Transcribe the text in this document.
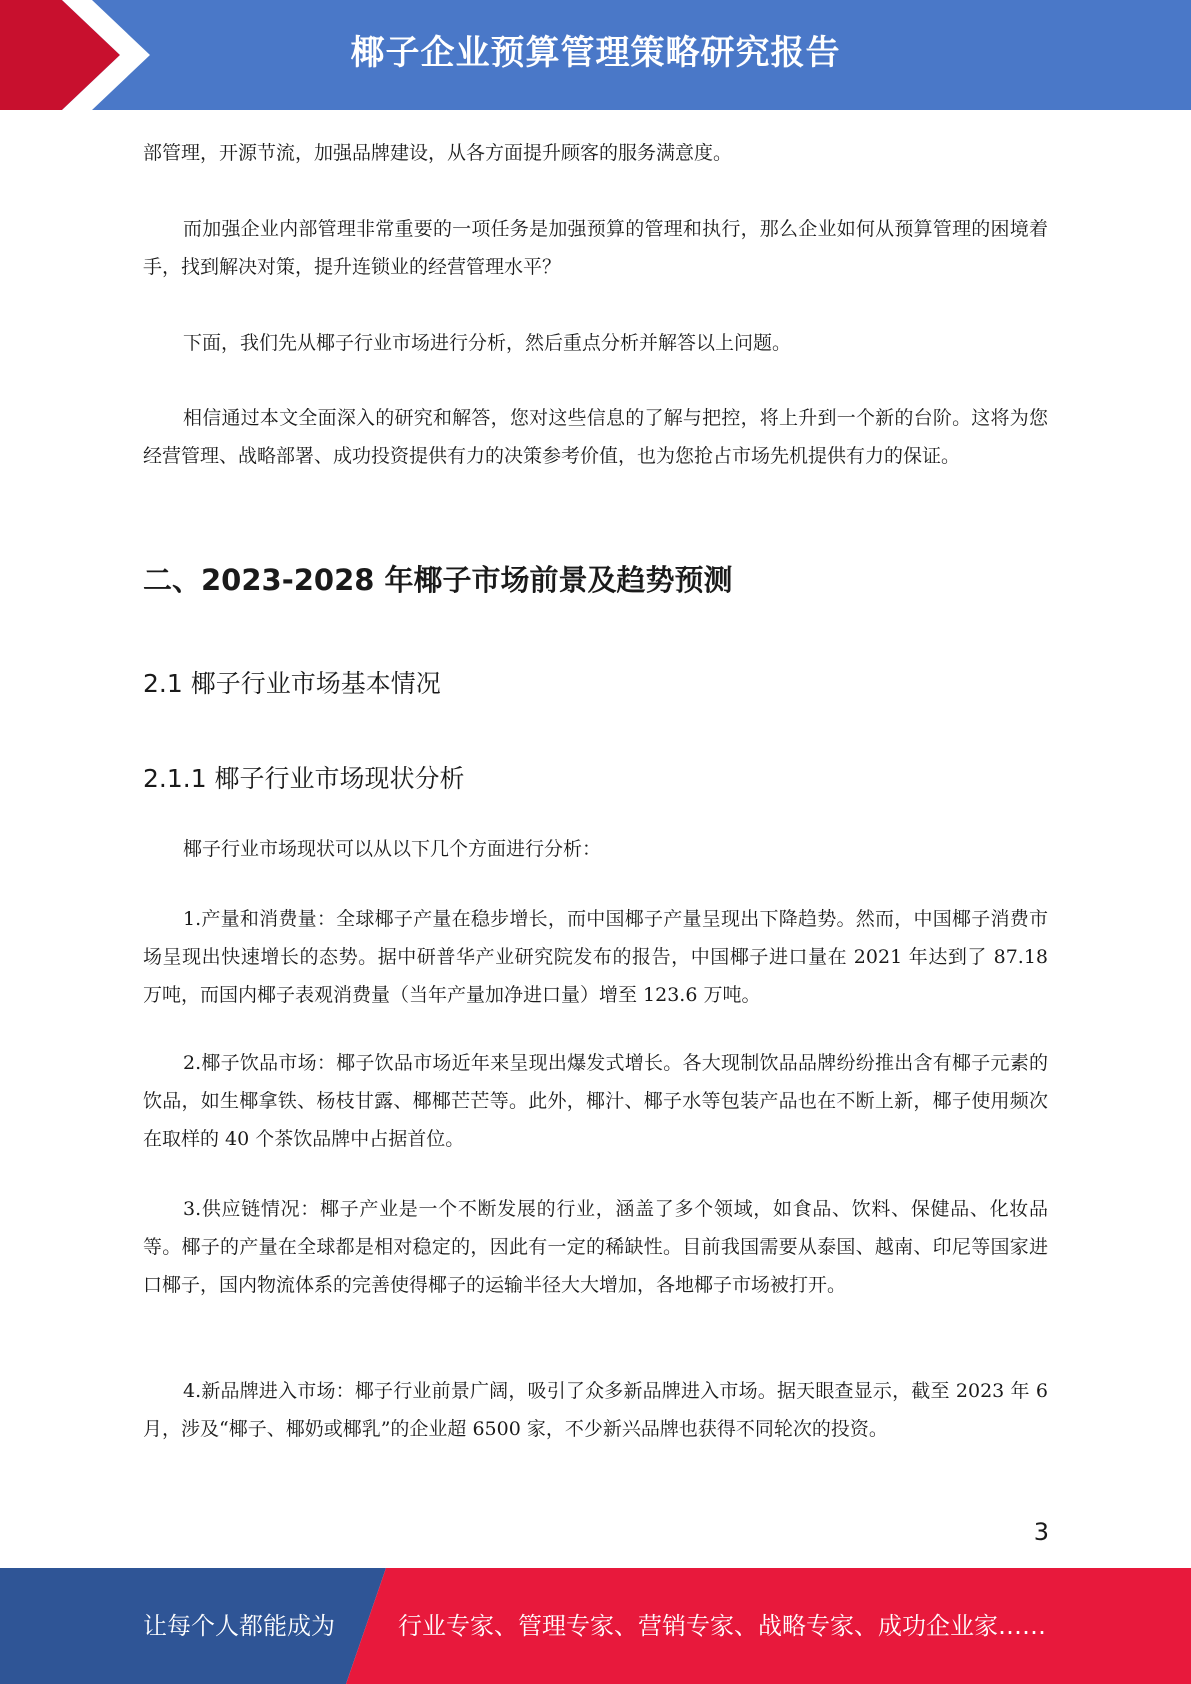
椰子企业预算管理策略研究报告

部管理，开源节流，加强品牌建设，从各方面提升顾客的服务满意度。

而加强企业内部管理非常重要的一项任务是加强预算的管理和执行，那么企业如何从预算管理的困境着手，找到解决对策，提升连锁业的经营管理水平？

下面，我们先从椰子行业市场进行分析，然后重点分析并解答以上问题。

相信通过本文全面深入的研究和解答，您对这些信息的了解与把控，将上升到一个新的台阶。这将为您经营管理、战略部署、成功投资提供有力的决策参考价值，也为您抢占市场先机提供有力的保证。

二、2023-2028 年椰子市场前景及趋势预测
2.1 椰子行业市场基本情况
2.1.1 椰子行业市场现状分析

椰子行业市场现状可以从以下几个方面进行分析：

1.产量和消费量：全球椰子产量在稳步增长，而中国椰子产量呈现出下降趋势。然而，中国椰子消费市场呈现出快速增长的态势。据中研普华产业研究院发布的报告，中国椰子进口量在 2021 年达到了 87.18 万吨，而国内椰子表观消费量（当年产量加净进口量）增至 123.6 万吨。

2.椰子饮品市场：椰子饮品市场近年来呈现出爆发式增长。各大现制饮品品牌纷纷推出含有椰子元素的饮品，如生椰拿铁、杨枝甘露、椰椰芒芒等。此外，椰汁、椰子水等包装产品也在不断上新，椰子使用频次在取样的 40 个茶饮品牌中占据首位。

3.供应链情况：椰子产业是一个不断发展的行业，涵盖了多个领域，如食品、饮料、保健品、化妆品等。椰子的产量在全球都是相对稳定的，因此有一定的稀缺性。目前我国需要从泰国、越南、印尼等国家进口椰子，国内物流体系的完善使得椰子的运输半径大大增加，各地椰子市场被打开。

4.新品牌进入市场：椰子行业前景广阔，吸引了众多新品牌进入市场。据天眼查显示，截至 2023 年 6 月，涉及“椰子、椰奶或椰乳”的企业超 6500 家，不少新兴品牌也获得不同轮次的投资。

3
让每个人都能成为	行业专家、管理专家、营销专家、战略专家、成功企业家……
